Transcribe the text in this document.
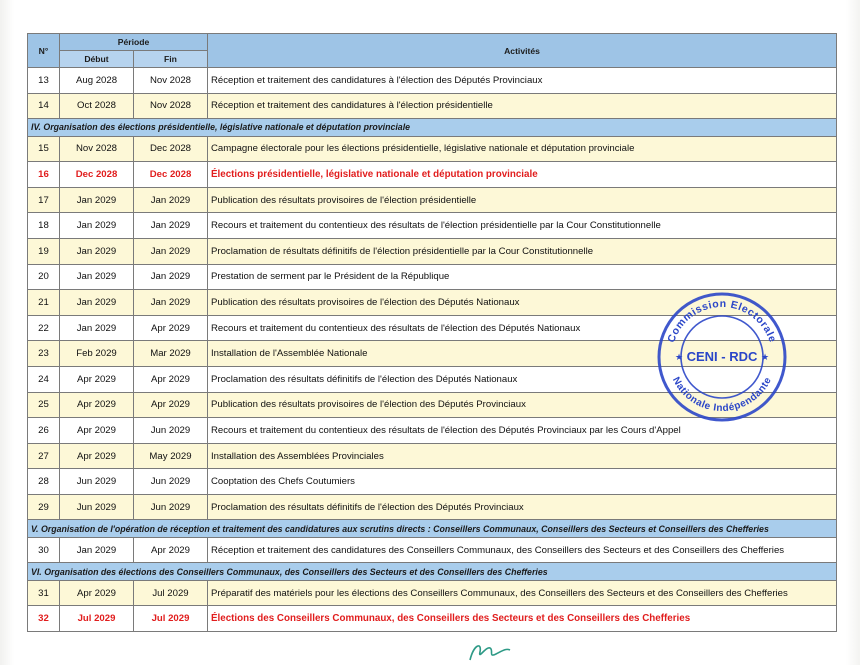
N°	Période		Activités
	Début	Fin	
13	Aug 2028	Nov 2028	Réception et traitement des candidatures à l'élection des Députés Provinciaux
14	Oct 2028	Nov 2028	Réception et traitement des candidatures à l'élection présidentielle
IV. Organisation des élections présidentielle, législative nationale et députation provinciale			
15	Nov 2028	Dec 2028	Campagne électorale pour les élections présidentielle, législative nationale et députation provinciale
16	Dec 2028	Dec 2028	Élections présidentielle, législative nationale et députation provinciale
17	Jan 2029	Jan 2029	Publication des résultats provisoires de l'élection présidentielle
18	Jan 2029	Jan 2029	Recours et traitement du contentieux des résultats de l'élection présidentielle par la Cour Constitutionnelle
19	Jan 2029	Jan 2029	Proclamation de résultats définitifs de l'élection présidentielle par la Cour Constitutionnelle
20	Jan 2029	Jan 2029	Prestation de serment par le Président de la République
21	Jan 2029	Jan 2029	Publication des résultats provisoires de l'élection des Députés Nationaux
22	Jan 2029	Apr 2029	Recours et traitement du contentieux des résultats de l'élection des Députés Nationaux
23	Feb 2029	Mar 2029	Installation de l'Assemblée Nationale
24	Apr 2029	Apr 2029	Proclamation des résultats définitifs de l'élection des Députés Nationaux
25	Apr 2029	Apr 2029	Publication des résultats provisoires de l'élection des Députés Provinciaux
26	Apr 2029	Jun 2029	Recours et traitement du contentieux des résultats de l'élection des Députés Provinciaux par les Cours d'Appel
27	Apr 2029	May 2029	Installation des Assemblées Provinciales
28	Jun 2029	Jun 2029	Cooptation des Chefs Coutumiers
29	Jun 2029	Jun 2029	Proclamation des résultats définitifs de l'élection des Députés Provinciaux
V. Organisation de l'opération de réception et traitement des candidatures aux scrutins directs : Conseillers Communaux, Conseillers des Secteurs et Conseillers des Chefferies			
30	Jan 2029	Apr 2029	Réception et traitement des candidatures des Conseillers Communaux, des Conseillers des Secteurs et des Conseillers des Chefferies
VI. Organisation des élections des Conseillers Communaux, des Conseillers des Secteurs et des Conseillers des Chefferies			
31	Apr 2029	Jul 2029	Préparatif des matériels pour les élections des Conseillers Communaux, des Conseillers des Secteurs et des Conseillers des Chefferies
32	Jul 2029	Jul 2029	Élections des Conseillers Communaux, des Conseillers des Secteurs et des Conseillers des Chefferies
Commission Electorale
Nationale Indépendante
CENI - RDC
★	★
